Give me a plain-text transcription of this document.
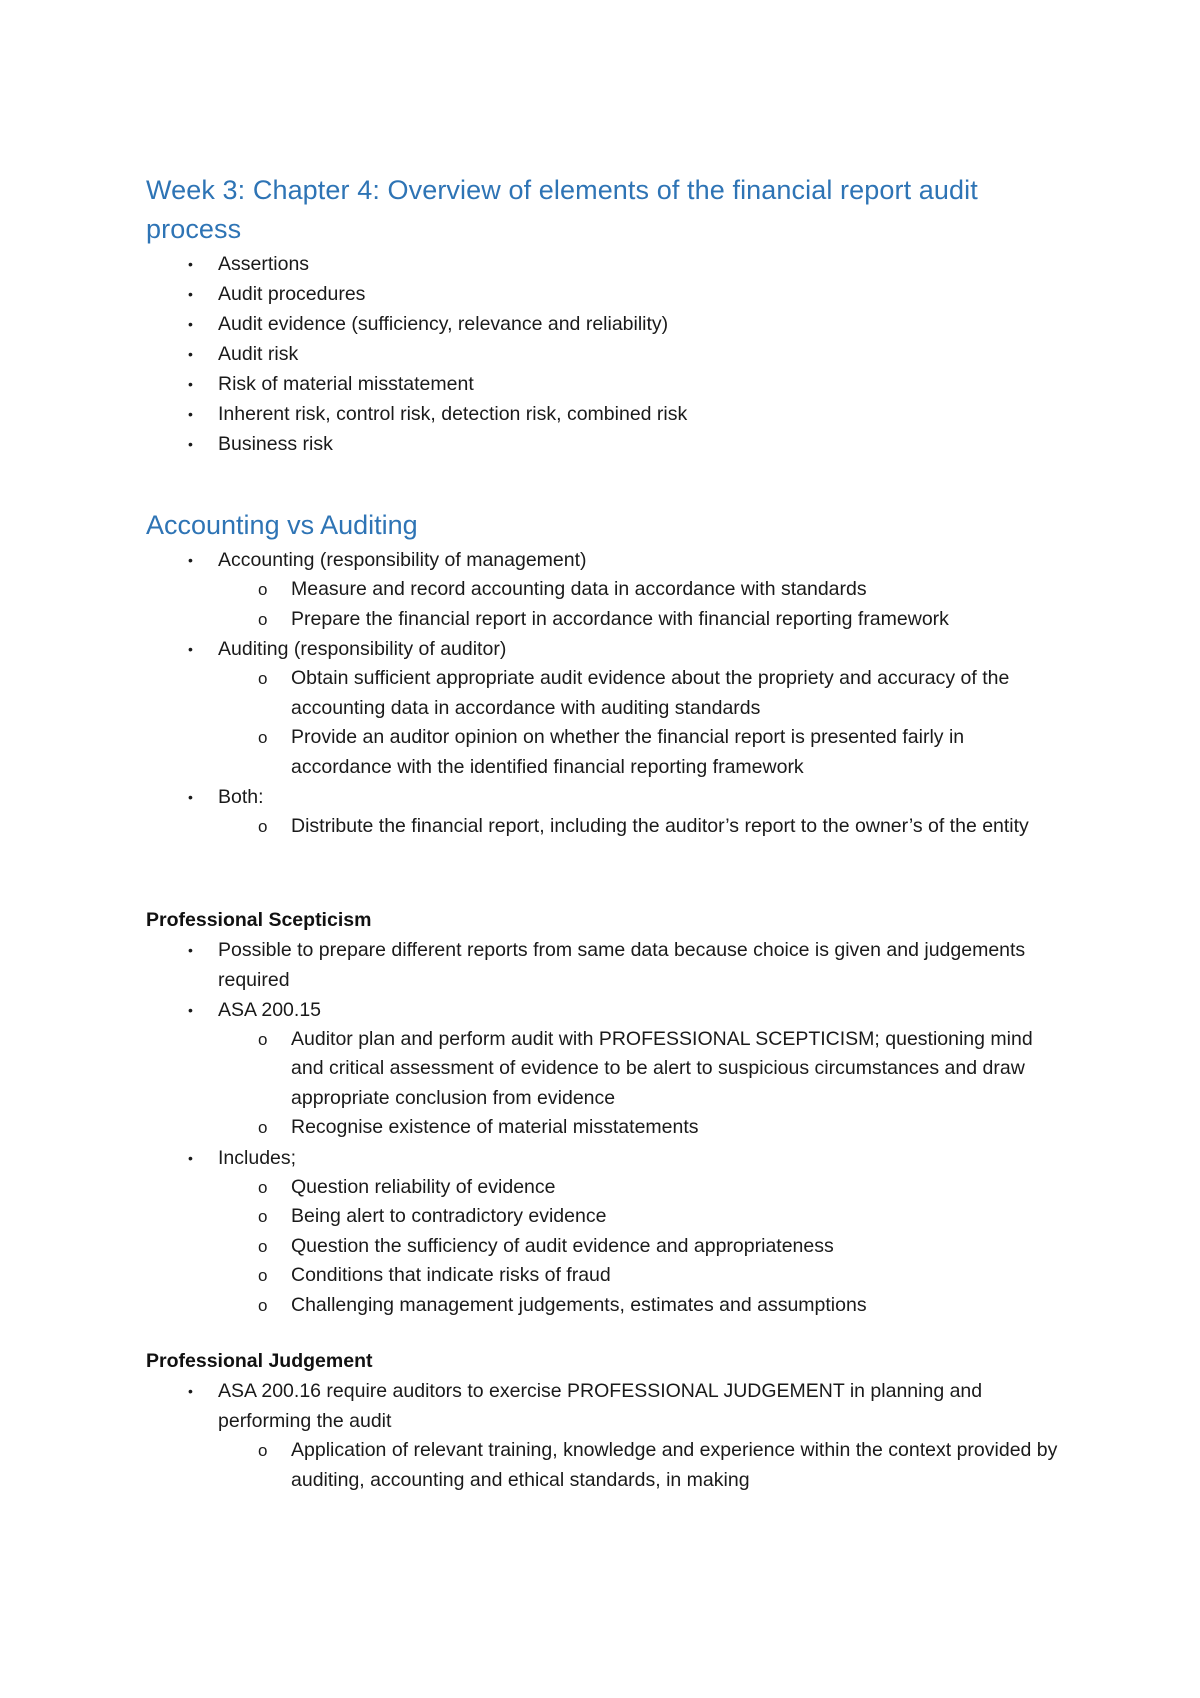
Week 3: Chapter 4: Overview of elements of the financial report audit process
• Assertions
• Audit procedures
• Audit evidence (sufficiency, relevance and reliability)
• Audit risk
• Risk of material misstatement
• Inherent risk, control risk, detection risk, combined risk
• Business risk
Accounting vs Auditing
• Accounting (responsibility of management)
o Measure and record accounting data in accordance with standards
o Prepare the financial report in accordance with financial reporting framework
• Auditing (responsibility of auditor)
o Obtain sufficient appropriate audit evidence about the propriety and accuracy of the accounting data in accordance with auditing standards
o Provide an auditor opinion on whether the financial report is presented fairly in accordance with the identified financial reporting framework
• Both:
o Distribute the financial report, including the auditor’s report to the owner’s of the entity
Professional Scepticism
• Possible to prepare different reports from same data because choice is given and judgements required
• ASA 200.15
o Auditor plan and perform audit with PROFESSIONAL SCEPTICISM; questioning mind and critical assessment of evidence to be alert to suspicious circumstances and draw appropriate conclusion from evidence
o Recognise existence of material misstatements
• Includes;
o Question reliability of evidence
o Being alert to contradictory evidence
o Question the sufficiency of audit evidence and appropriateness
o Conditions that indicate risks of fraud
o Challenging management judgements, estimates and assumptions
Professional Judgement
• ASA 200.16 require auditors to exercise PROFESSIONAL JUDGEMENT in planning and performing the audit
o Application of relevant training, knowledge and experience within the context provided by auditing, accounting and ethical standards, in making
